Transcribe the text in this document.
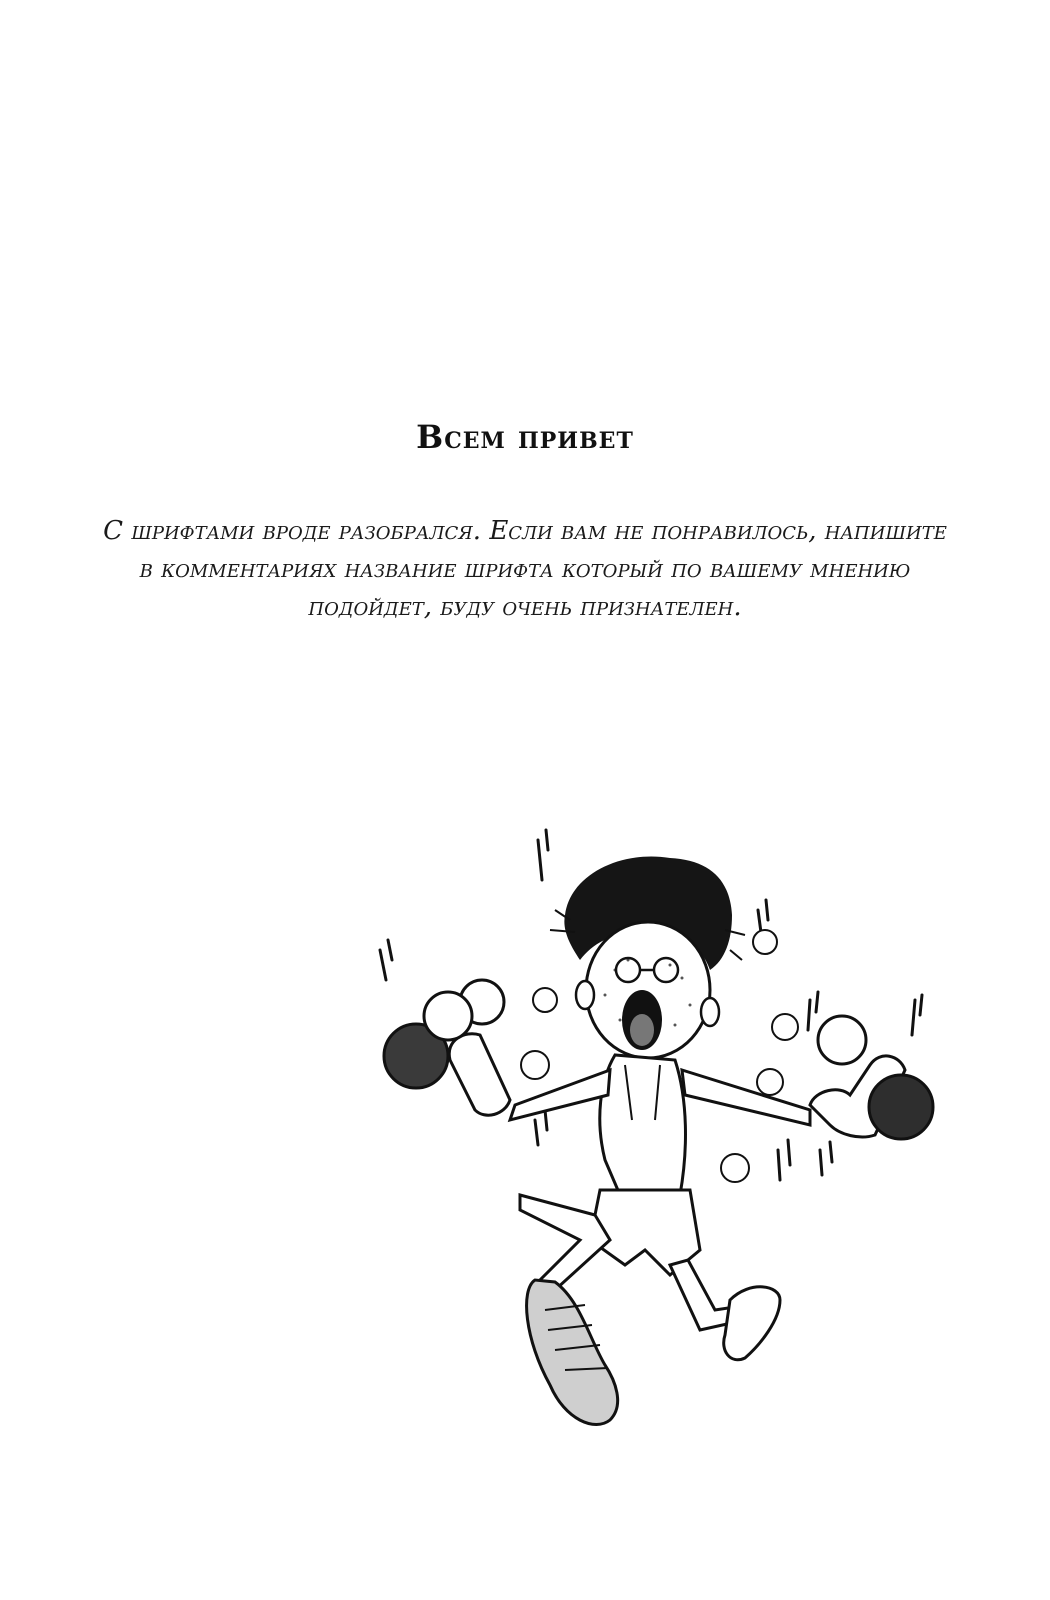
Всем привет
С шрифтами вроде разобрался. Если вам не понравилось, напишите
в комментариях название шрифта который по вашему мнению
подойдет, буду очень признателен.
